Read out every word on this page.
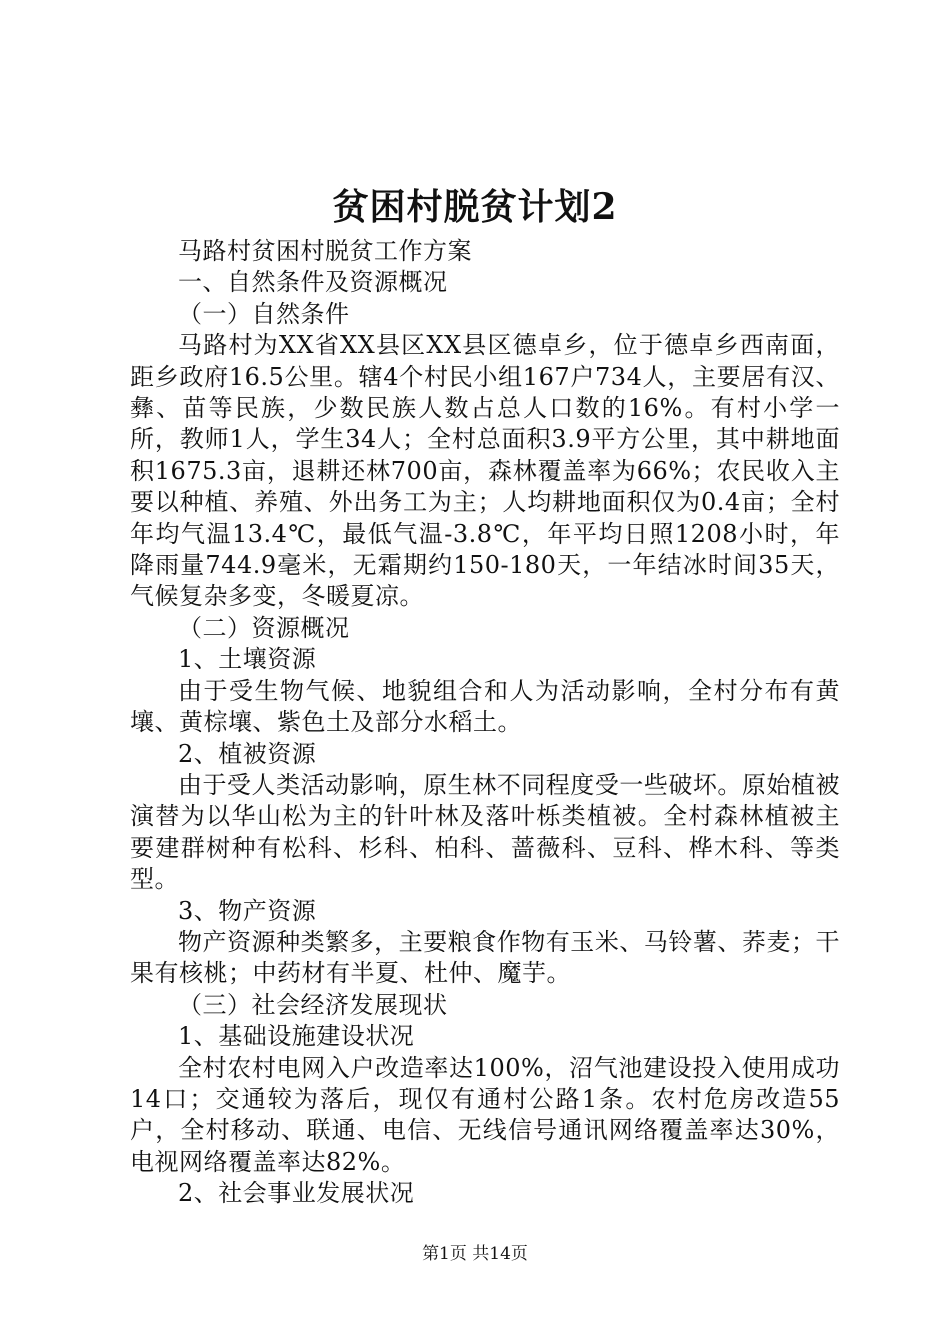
贫困村脱贫计划2

马路村贫困村脱贫工作方案

一、自然条件及资源概况

（一）自然条件

马路村为XX省XX县区XX县区德卓乡，位于德卓乡西南面，距乡政府16.5公里。辖4个村民小组167户734人，主要居有汉、彝、苗等民族，少数民族人数占总人口数的16%。有村小学一所，教师1人，学生34人；全村总面积3.9平方公里，其中耕地面积1675.3亩，退耕还林700亩，森林覆盖率为66%；农民收入主要以种植、养殖、外出务工为主；人均耕地面积仅为0.4亩；全村年均气温13.4℃，最低气温-3.8℃，年平均日照1208小时，年降雨量744.9毫米，无霜期约150-180天，一年结冰时间35天，气候复杂多变，冬暖夏凉。

（二）资源概况

1、土壤资源

由于受生物气候、地貌组合和人为活动影响，全村分布有黄壤、黄棕壤、紫色土及部分水稻土。

2、植被资源

由于受人类活动影响，原生林不同程度受一些破坏。原始植被演替为以华山松为主的针叶林及落叶栎类植被。全村森林植被主要建群树种有松科、杉科、柏科、蔷薇科、豆科、桦木科、等类型。

3、物产资源

物产资源种类繁多，主要粮食作物有玉米、马铃薯、荞麦；干果有核桃；中药材有半夏、杜仲、魔芋。

（三）社会经济发展现状

1、基础设施建设状况

全村农村电网入户改造率达100%，沼气池建设投入使用成功14口；交通较为落后，现仅有通村公路1条。农村危房改造55户，全村移动、联通、电信、无线信号通讯网络覆盖率达30%，电视网络覆盖率达82%。

2、社会事业发展状况

第1页 共14页
